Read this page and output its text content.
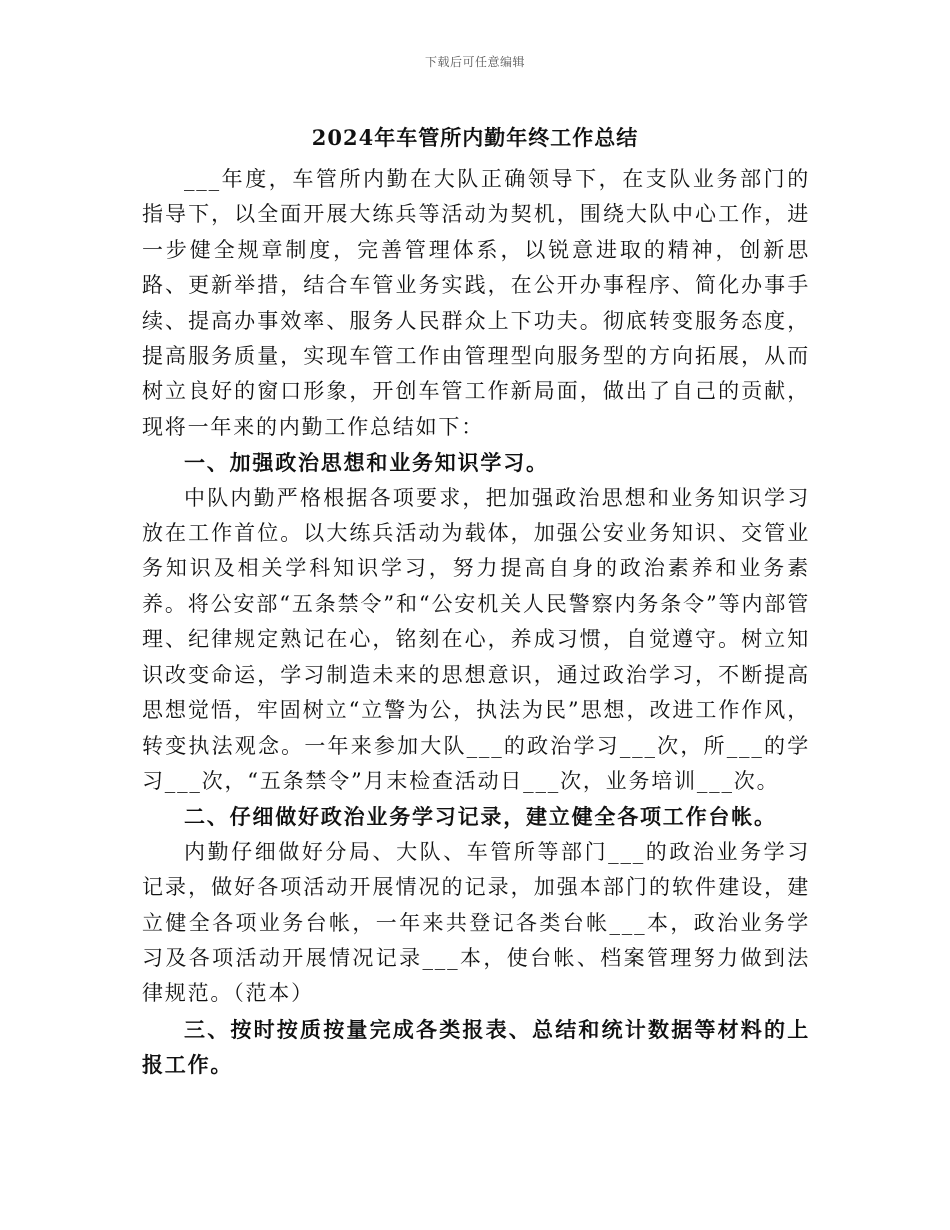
下载后可任意编辑
2024年车管所内勤年终工作总结

___年度，车管所内勤在大队正确领导下，在支队业务部门的指导下，以全面开展大练兵等活动为契机，围绕大队中心工作，进一步健全规章制度，完善管理体系，以锐意进取的精神，创新思路、更新举措，结合车管业务实践，在公开办事程序、简化办事手续、提高办事效率、服务人民群众上下功夫。彻底转变服务态度，提高服务质量，实现车管工作由管理型向服务型的方向拓展，从而树立良好的窗口形象，开创车管工作新局面，做出了自己的贡献，现将一年来的内勤工作总结如下：

一、加强政治思想和业务知识学习。

中队内勤严格根据各项要求，把加强政治思想和业务知识学习放在工作首位。以大练兵活动为载体，加强公安业务知识、交管业务知识及相关学科知识学习，努力提高自身的政治素养和业务素养。将公安部“五条禁令”和“公安机关人民警察内务条令”等内部管理、纪律规定熟记在心，铭刻在心，养成习惯，自觉遵守。树立知识改变命运，学习制造未来的思想意识，通过政治学习，不断提高思想觉悟，牢固树立“立警为公，执法为民”思想，改进工作作风，转变执法观念。一年来参加大队___的政治学习___次，所___的学习___次，“五条禁令”月末检查活动日___次，业务培训___次。

二、仔细做好政治业务学习记录，建立健全各项工作台帐。

内勤仔细做好分局、大队、车管所等部门___的政治业务学习记录，做好各项活动开展情况的记录，加强本部门的软件建设，建立健全各项业务台帐，一年来共登记各类台帐___本，政治业务学习及各项活动开展情况记录___本，使台帐、档案管理努力做到法律规范。（范本）

三、按时按质按量完成各类报表、总结和统计数据等材料的上报工作。
